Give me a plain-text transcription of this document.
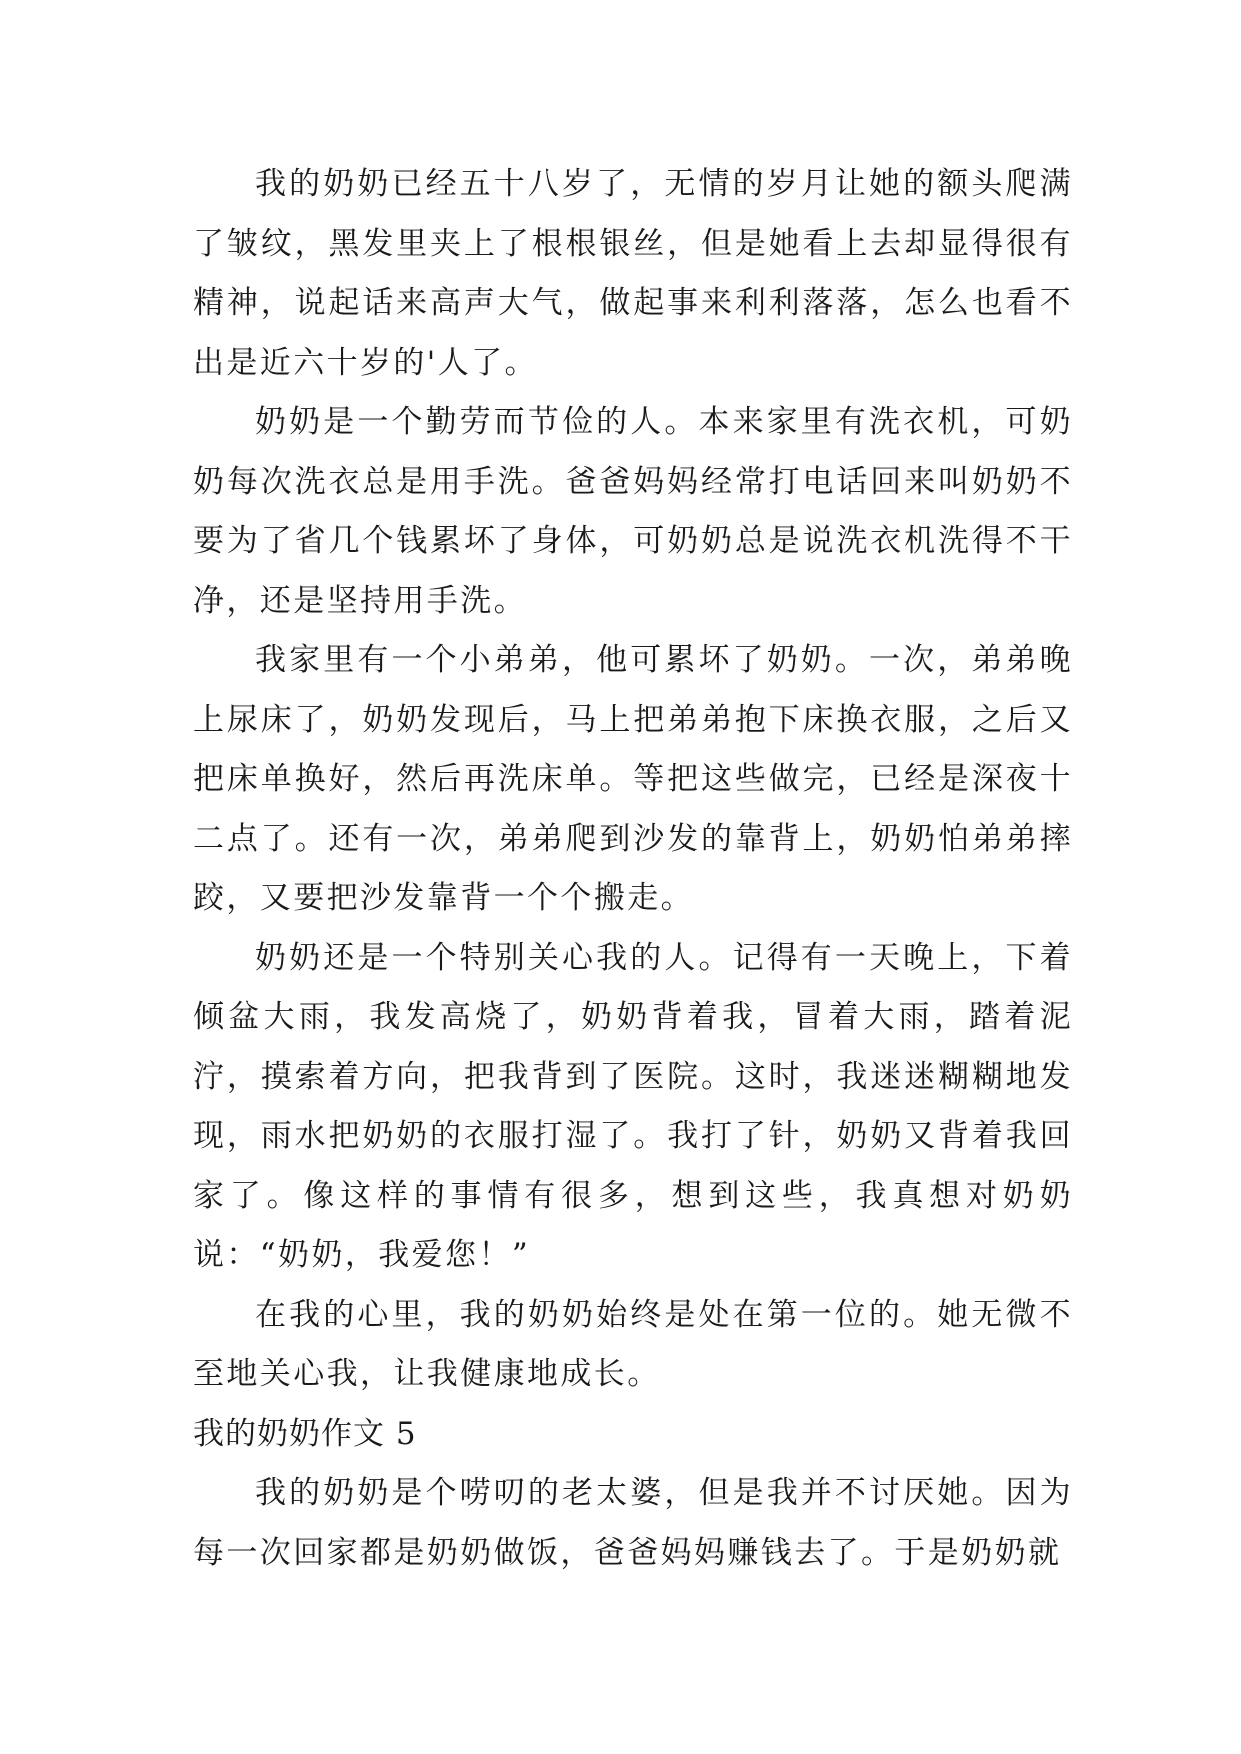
我的奶奶已经五十八岁了，无情的岁月让她的额头爬满了皱纹，黑发里夹上了根根银丝，但是她看上去却显得很有精神，说起话来高声大气，做起事来利利落落，怎么也看不出是近六十岁的'人了。

奶奶是一个勤劳而节俭的人。本来家里有洗衣机，可奶奶每次洗衣总是用手洗。爸爸妈妈经常打电话回来叫奶奶不要为了省几个钱累坏了身体，可奶奶总是说洗衣机洗得不干净，还是坚持用手洗。

我家里有一个小弟弟，他可累坏了奶奶。一次，弟弟晚上尿床了，奶奶发现后，马上把弟弟抱下床换衣服，之后又把床单换好，然后再洗床单。等把这些做完，已经是深夜十二点了。还有一次，弟弟爬到沙发的靠背上，奶奶怕弟弟摔跤，又要把沙发靠背一个个搬走。

奶奶还是一个特别关心我的人。记得有一天晚上，下着倾盆大雨，我发高烧了，奶奶背着我，冒着大雨，踏着泥泞，摸索着方向，把我背到了医院。这时，我迷迷糊糊地发现，雨水把奶奶的衣服打湿了。我打了针，奶奶又背着我回家了。像这样的事情有很多，想到这些，我真想对奶奶说：“奶奶，我爱您！”

在我的心里，我的奶奶始终是处在第一位的。她无微不至地关心我，让我健康地成长。

我的奶奶作文 5

我的奶奶是个唠叨的老太婆，但是我并不讨厌她。因为每一次回家都是奶奶做饭，爸爸妈妈赚钱去了。于是奶奶就
